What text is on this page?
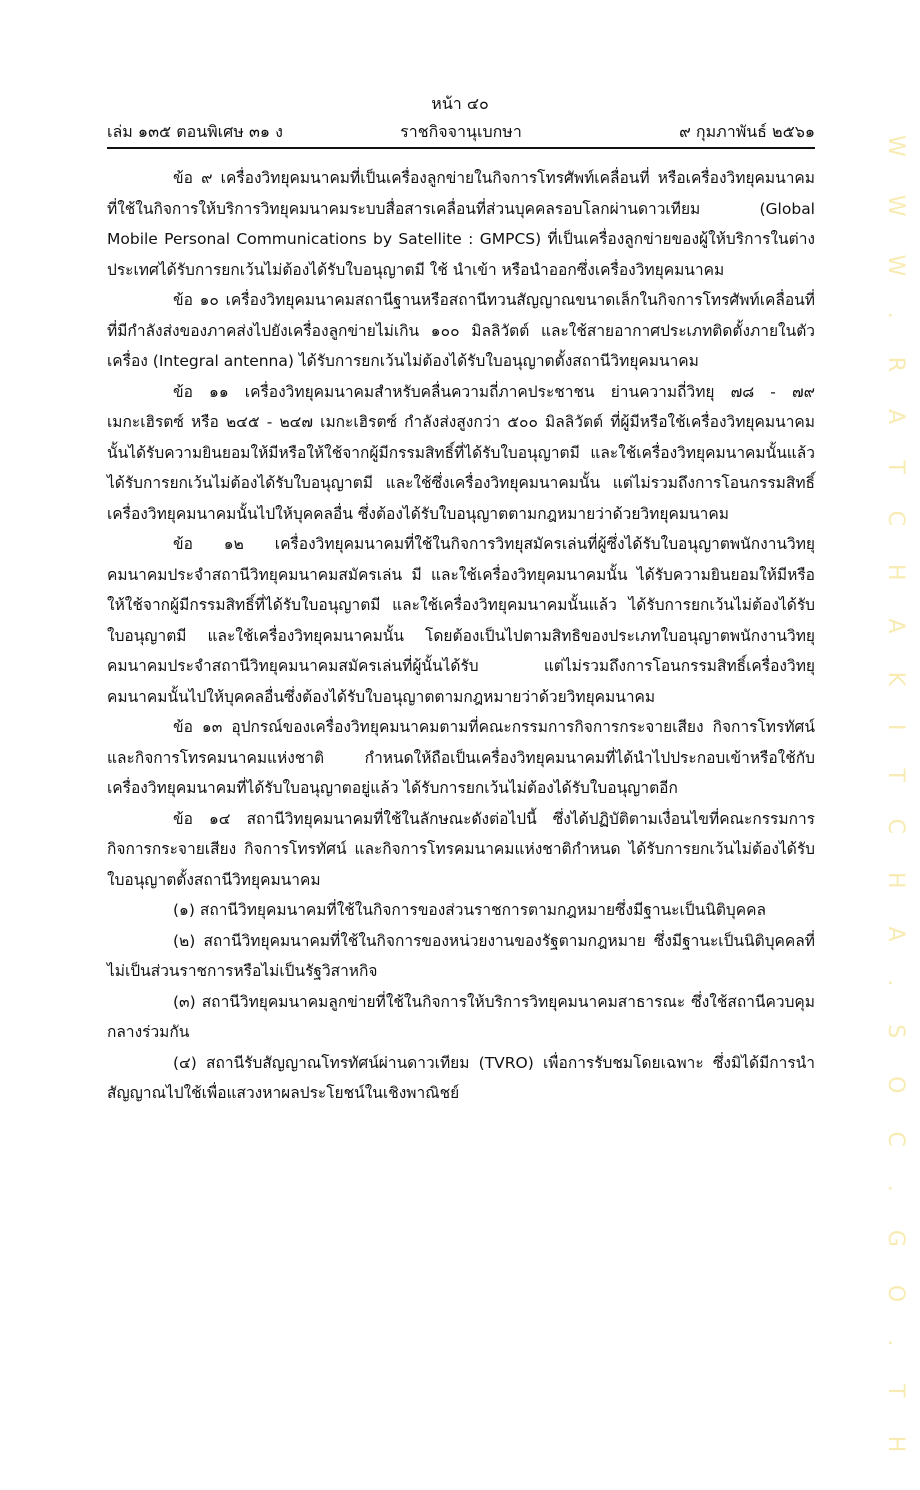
หน้า ๔๐
เล่ม ๑๓๕ ตอนพิเศษ ๓๑ ง	ราชกิจจานุเบกษา	๙ กุมภาพันธ์ ๒๕๖๑

ข้อ ๙ เครื่องวิทยุคมนาคมที่เป็นเครื่องลูกข่ายในกิจการโทรศัพท์เคลื่อนที่ หรือเครื่องวิทยุคมนาคมที่ใช้ในกิจการให้บริการวิทยุคมนาคมระบบสื่อสารเคลื่อนที่ส่วนบุคคลรอบโลกผ่านดาวเทียม (Global Mobile Personal Communications by Satellite : GMPCS) ที่เป็นเครื่องลูกข่ายของผู้ให้บริการในต่างประเทศได้รับการยกเว้นไม่ต้องได้รับใบอนุญาตมี ใช้ นำเข้า หรือนำออกซึ่งเครื่องวิทยุคมนาคม

ข้อ ๑๐ เครื่องวิทยุคมนาคมสถานีฐานหรือสถานีทวนสัญญาณขนาดเล็กในกิจการโทรศัพท์เคลื่อนที่ที่มีกำลังส่งของภาคส่งไปยังเครื่องลูกข่ายไม่เกิน ๑๐๐ มิลลิวัตต์ และใช้สายอากาศประเภทติดตั้งภายในตัวเครื่อง (Integral antenna) ได้รับการยกเว้นไม่ต้องได้รับใบอนุญาตตั้งสถานีวิทยุคมนาคม

ข้อ ๑๑ เครื่องวิทยุคมนาคมสำหรับคลื่นความถี่ภาคประชาชน ย่านความถี่วิทยุ ๗๘ - ๗๙ เมกะเฮิรตซ์ หรือ ๒๔๕ - ๒๔๗ เมกะเฮิรตซ์ กำลังส่งสูงกว่า ๕๐๐ มิลลิวัตต์ ที่ผู้มีหรือใช้เครื่องวิทยุคมนาคมนั้นได้รับความยินยอมให้มีหรือให้ใช้จากผู้มีกรรมสิทธิ์ที่ได้รับใบอนุญาตมี และใช้เครื่องวิทยุคมนาคมนั้นแล้ว ได้รับการยกเว้นไม่ต้องได้รับใบอนุญาตมี และใช้ซึ่งเครื่องวิทยุคมนาคมนั้น แต่ไม่รวมถึงการโอนกรรมสิทธิ์เครื่องวิทยุคมนาคมนั้นไปให้บุคคลอื่น ซึ่งต้องได้รับใบอนุญาตตามกฎหมายว่าด้วยวิทยุคมนาคม

ข้อ ๑๒ เครื่องวิทยุคมนาคมที่ใช้ในกิจการวิทยุสมัครเล่นที่ผู้ซึ่งได้รับใบอนุญาตพนักงานวิทยุคมนาคมประจำสถานีวิทยุคมนาคมสมัครเล่น มี และใช้เครื่องวิทยุคมนาคมนั้น ได้รับความยินยอมให้มีหรือให้ใช้จากผู้มีกรรมสิทธิ์ที่ได้รับใบอนุญาตมี และใช้เครื่องวิทยุคมนาคมนั้นแล้ว ได้รับการยกเว้นไม่ต้องได้รับใบอนุญาตมี และใช้เครื่องวิทยุคมนาคมนั้น โดยต้องเป็นไปตามสิทธิของประเภทใบอนุญาตพนักงานวิทยุคมนาคมประจำสถานีวิทยุคมนาคมสมัครเล่นที่ผู้นั้นได้รับ แต่ไม่รวมถึงการโอนกรรมสิทธิ์เครื่องวิทยุคมนาคมนั้นไปให้บุคคลอื่นซึ่งต้องได้รับใบอนุญาตตามกฎหมายว่าด้วยวิทยุคมนาคม

ข้อ ๑๓ อุปกรณ์ของเครื่องวิทยุคมนาคมตามที่คณะกรรมการกิจการกระจายเสียง กิจการโทรทัศน์และกิจการโทรคมนาคมแห่งชาติ กำหนดให้ถือเป็นเครื่องวิทยุคมนาคมที่ได้นำไปประกอบเข้าหรือใช้กับเครื่องวิทยุคมนาคมที่ได้รับใบอนุญาตอยู่แล้ว ได้รับการยกเว้นไม่ต้องได้รับใบอนุญาตอีก

ข้อ ๑๔ สถานีวิทยุคมนาคมที่ใช้ในลักษณะดังต่อไปนี้ ซึ่งได้ปฏิบัติตามเงื่อนไขที่คณะกรรมการกิจการกระจายเสียง กิจการโทรทัศน์ และกิจการโทรคมนาคมแห่งชาติกำหนด ได้รับการยกเว้นไม่ต้องได้รับใบอนุญาตตั้งสถานีวิทยุคมนาคม

(๑) สถานีวิทยุคมนาคมที่ใช้ในกิจการของส่วนราชการตามกฎหมายซึ่งมีฐานะเป็นนิติบุคคล

(๒) สถานีวิทยุคมนาคมที่ใช้ในกิจการของหน่วยงานของรัฐตามกฎหมาย ซึ่งมีฐานะเป็นนิติบุคคลที่ไม่เป็นส่วนราชการหรือไม่เป็นรัฐวิสาหกิจ

(๓) สถานีวิทยุคมนาคมลูกข่ายที่ใช้ในกิจการให้บริการวิทยุคมนาคมสาธารณะ ซึ่งใช้สถานีควบคุมกลางร่วมกัน

(๔) สถานีรับสัญญาณโทรทัศน์ผ่านดาวเทียม (TVRO) เพื่อการรับชมโดยเฉพาะ ซึ่งมิได้มีการนำสัญญาณไปใช้เพื่อแสวงหาผลประโยชน์ในเชิงพาณิชย์	WWW.RATCHAKITCHA.SOC.GO.TH
